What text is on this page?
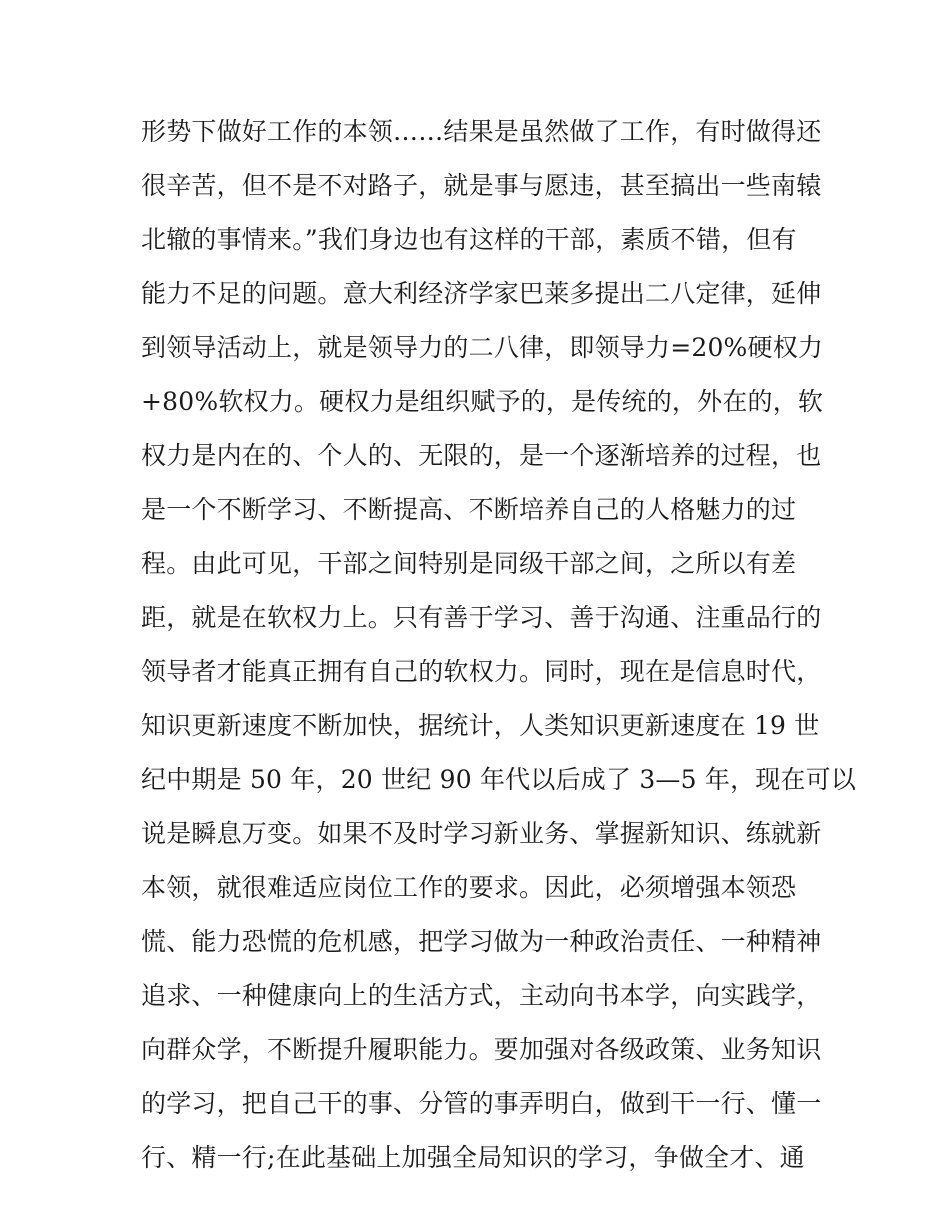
形势下做好工作的本领……结果是虽然做了工作，有时做得还
很辛苦，但不是不对路子，就是事与愿违，甚至搞出一些南辕
北辙的事情来。”我们身边也有这样的干部，素质不错，但有
能力不足的问题。意大利经济学家巴莱多提出二八定律，延伸
到领导活动上，就是领导力的二八律，即领导力=20%硬权力
+80%软权力。硬权力是组织赋予的，是传统的，外在的，软
权力是内在的、个人的、无限的，是一个逐渐培养的过程，也
是一个不断学习、不断提高、不断培养自己的人格魅力的过
程。由此可见，干部之间特别是同级干部之间，之所以有差
距，就是在软权力上。只有善于学习、善于沟通、注重品行的
领导者才能真正拥有自己的软权力。同时，现在是信息时代，
知识更新速度不断加快，据统计，人类知识更新速度在 19 世
纪中期是 50 年，20 世纪 90 年代以后成了 3—5 年，现在可以
说是瞬息万变。如果不及时学习新业务、掌握新知识、练就新
本领，就很难适应岗位工作的要求。因此，必须增强本领恐
慌、能力恐慌的危机感，把学习做为一种政治责任、一种精神
追求、一种健康向上的生活方式，主动向书本学，向实践学，
向群众学，不断提升履职能力。要加强对各级政策、业务知识
的学习，把自己干的事、分管的事弄明白，做到干一行、懂一
行、精一行;在此基础上加强全局知识的学习，争做全才、通
